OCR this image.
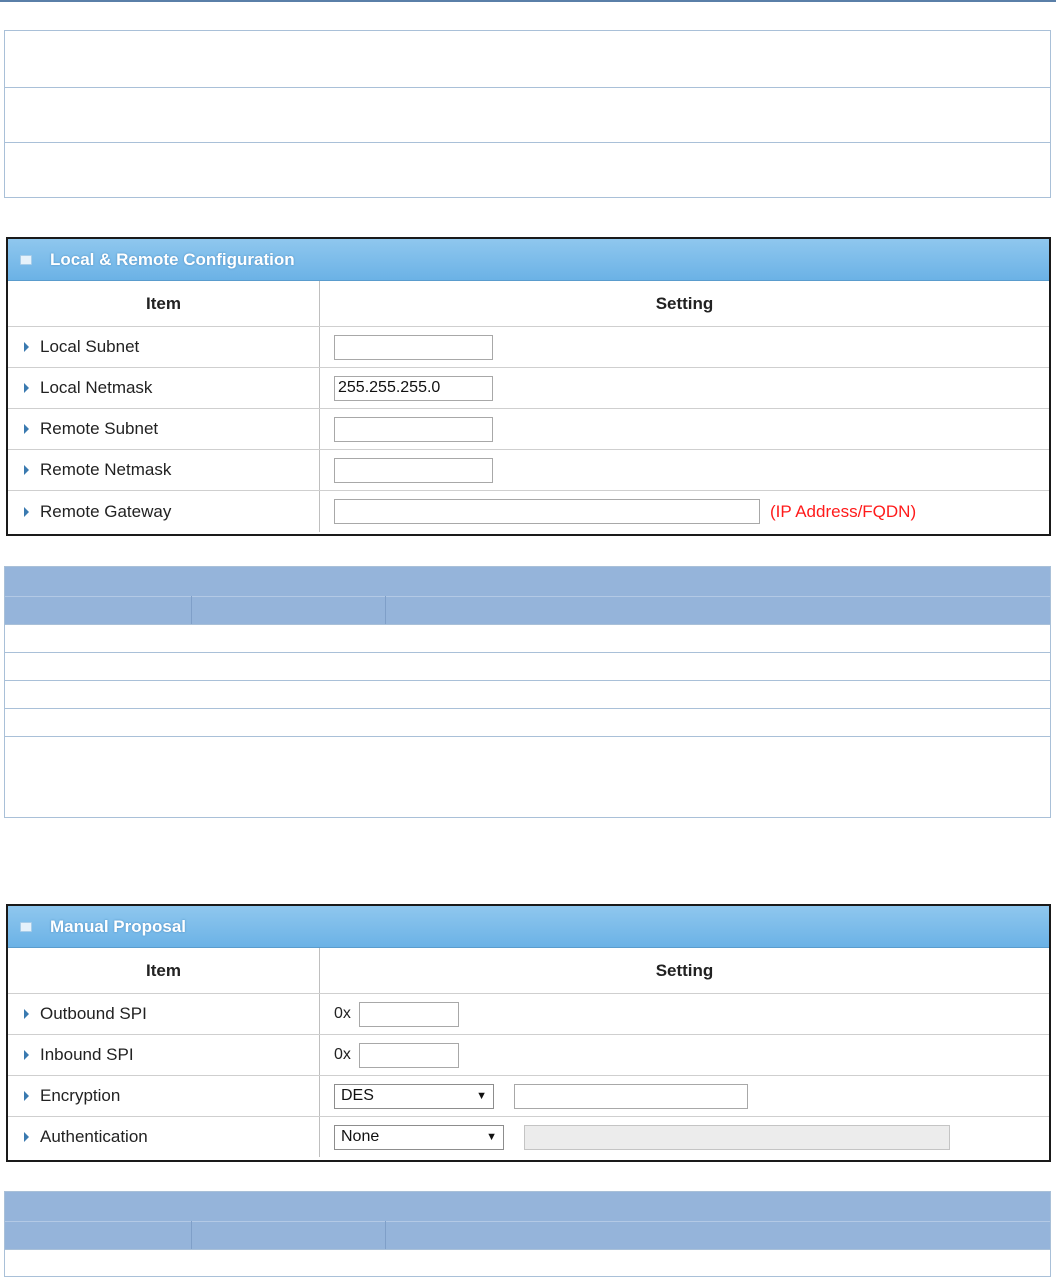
Local & Remote Configuration
Item	Setting
Local Subnet
Local Netmask	255.255.255.0
Remote Subnet
Remote Netmask
Remote Gateway	(IP Address/FQDN)
Manual Proposal
Item	Setting
Outbound SPI	0x
Inbound SPI	0x
Encryption	DES	▼
Authentication	None	▼
